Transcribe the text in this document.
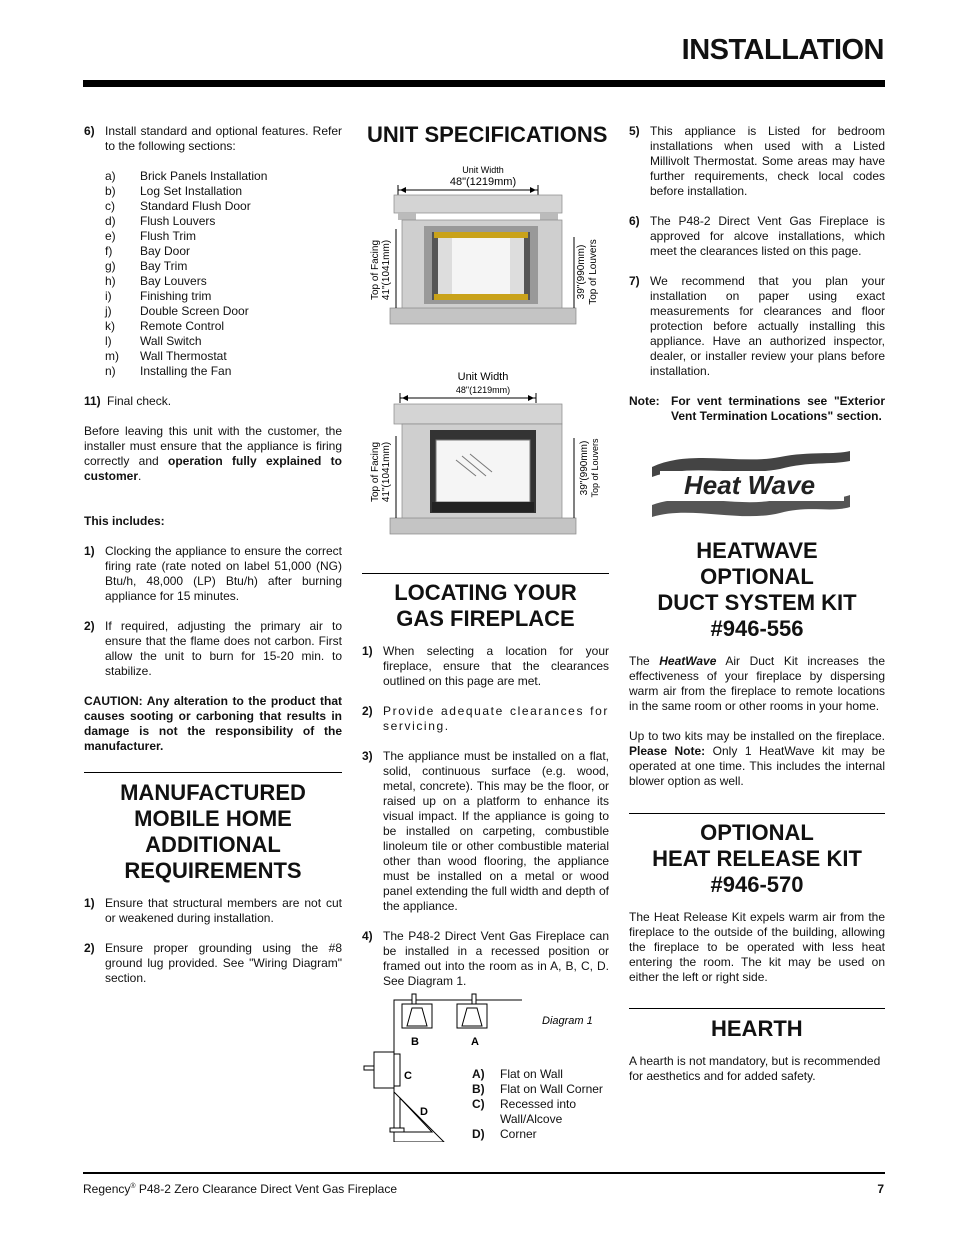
INSTALLATION
6) Install standard and optional features. Refer to the following sections:
a) Brick Panels Installation
b) Log Set Installation
c) Standard Flush Door
d) Flush Louvers
e) Flush Trim
f) Bay Door
g) Bay Trim
h) Bay Louvers
i) Finishing trim
j) Double Screen Door
k) Remote Control
l) Wall Switch
m) Wall Thermostat
n) Installing the Fan
11) Final check.
Before leaving this unit with the customer, the installer must ensure that the appliance is firing correctly and operation fully explained to customer.
This includes:
1) Clocking the appliance to ensure the correct firing rate (rate noted on label 51,000 (NG) Btu/h, 48,000 (LP) Btu/h) after burning appliance for 15 minutes.
2) If required, adjusting the primary air to ensure that the flame does not carbon. First allow the unit to burn for 15-20 min. to stabilize.
CAUTION: Any alteration to the product that causes sooting or carboning that results in damage is not the responsibility of the manufacturer.
MANUFACTURED
MOBILE HOME
ADDITIONAL
REQUIREMENTS
1) Ensure that structural members are not cut or weakened during installation.
2) Ensure proper grounding using the #8 ground lug provided. See "Wiring Diagram" section.
UNIT SPECIFICATIONS
Unit Width
48"(1219mm)
Top of Facing 41"(1041mm)	39"(990mm) Top of Louvers
Unit Width
48"(1219mm)
Top of Facing 41"(1041mm)	39"(990mm) Top of Louvers
LOCATING YOUR
GAS FIREPLACE
1) When selecting a location for your fireplace, ensure that the clearances outlined on this page are met.
2) Provide adequate clearances for servicing.
3) The appliance must be installed on a flat, solid, continuous surface (e.g. wood, metal, concrete). This may be the floor, or raised up on a platform to enhance its visual impact. If the appliance is going to be installed on carpeting, combustible linoleum tile or other combustible material other than wood flooring, the appliance must be installed on a metal or wood panel extending the full width and depth of the appliance.
4) The P48-2 Direct Vent Gas Fireplace can be installed in a recessed position or framed out into the room as in A, B, C, D. See Diagram 1.
B	A
C
D
Diagram 1
A) Flat on Wall
B) Flat on Wall Corner
C) Recessed into
Wall/Alcove
D) Corner
5) This appliance is Listed for bedroom installations when used with a Listed Millivolt Thermostat. Some areas may have further requirements, check local codes before installation.
6) The P48-2 Direct Vent Gas Fireplace is approved for alcove installations, which meet the clearances listed on this page.
7) We recommend that you plan your installation on paper using exact measurements for clearances and floor protection before actually installing this appliance. Have an authorized inspector, dealer, or installer review your plans before installation.
Note: For vent terminations see "Exterior Vent Termination Locations" section.
Heat Wave
HEATWAVE
OPTIONAL
DUCT SYSTEM KIT
#946-556
The HeatWave Air Duct Kit increases the effectiveness of your fireplace by dispersing warm air from the fireplace to remote locations in the same room or other rooms in your home.
Up to two kits may be installed on the fireplace. Please Note: Only 1 HeatWave kit may be operated at one time. This includes the internal blower option as well.
OPTIONAL
HEAT RELEASE KIT
#946-570
The Heat Release Kit expels warm air from the fireplace to the outside of the building, allowing the fireplace to be operated with less heat entering the room. The kit may be used on either the left or right side.
HEARTH
A hearth is not mandatory, but is recommended for aesthetics and for added safety.
Regency® P48-2 Zero Clearance Direct Vent Gas Fireplace	7
